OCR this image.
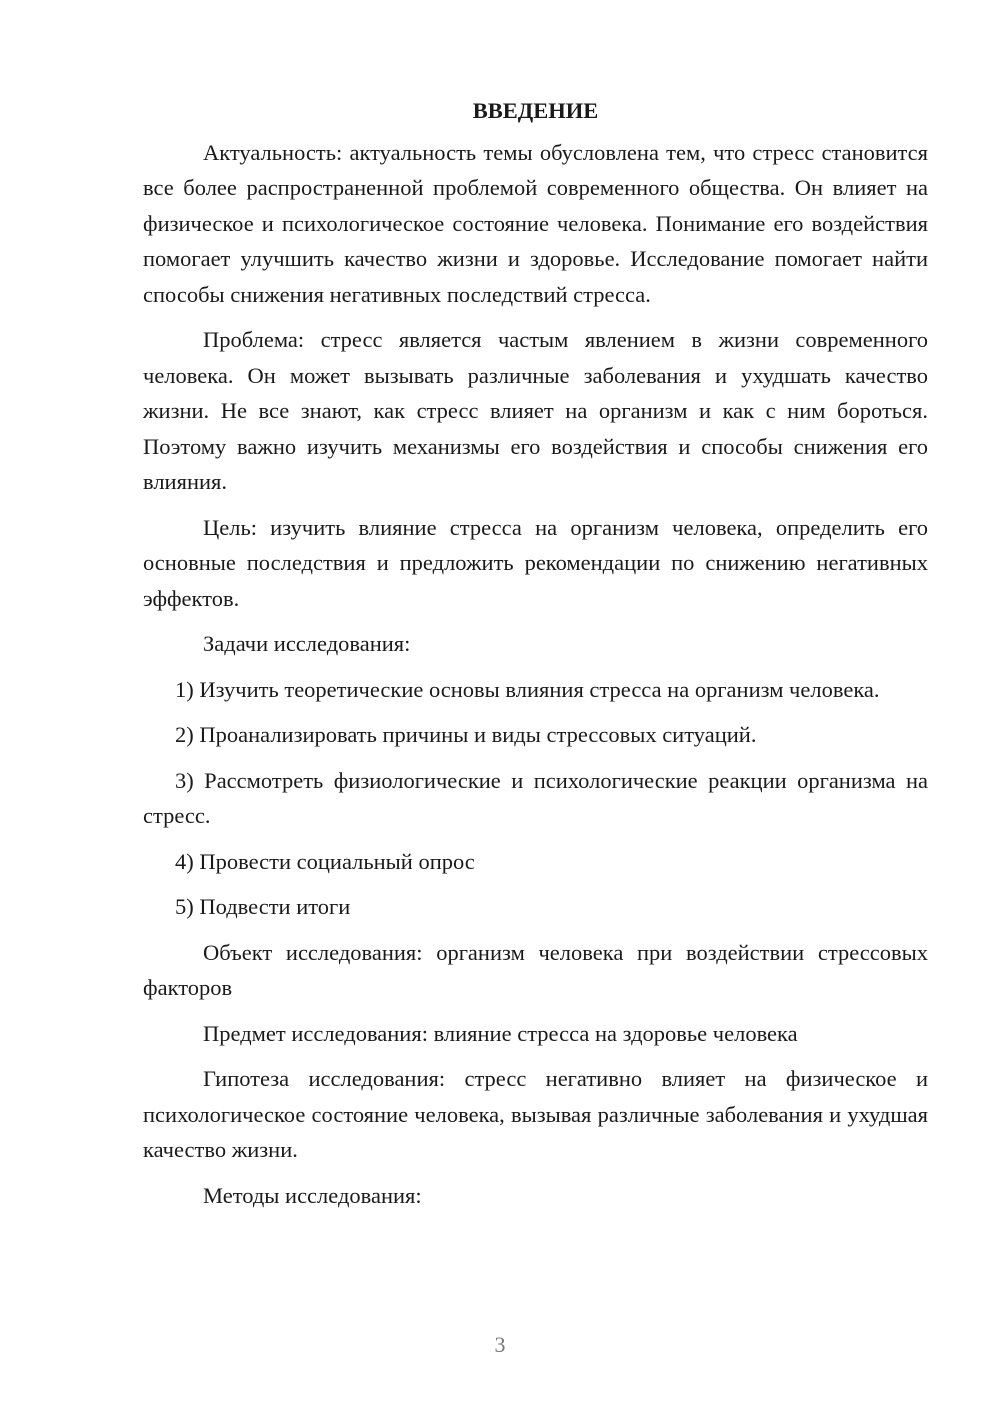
ВВЕДЕНИЕ

Актуальность: актуальность темы обусловлена тем, что стресс становится все более распространенной проблемой современного общества. Он влияет на физическое и психологическое состояние человека. Понимание его воздействия помогает улучшить качество жизни и здоровье. Исследование помогает найти способы снижения негативных последствий стресса.

Проблема: стресс является частым явлением в жизни современного человека. Он может вызывать различные заболевания и ухудшать качество жизни. Не все знают, как стресс влияет на организм и как с ним бороться. Поэтому важно изучить механизмы его воздействия и способы снижения его влияния.

Цель: изучить влияние стресса на организм человека, определить его основные последствия и предложить рекомендации по снижению негативных эффектов.

Задачи исследования:

1) Изучить теоретические основы влияния стресса на организм человека.

2) Проанализировать причины и виды стрессовых ситуаций.

3) Рассмотреть физиологические и психологические реакции организма на стресс.

4) Провести социальный опрос

5) Подвести итоги

Объект исследования: организм человека при воздействии стрессовых факторов

Предмет исследования: влияние стресса на здоровье человека

Гипотеза исследования: стресс негативно влияет на физическое и психологическое состояние человека, вызывая различные заболевания и ухудшая качество жизни.

Методы исследования:

3
